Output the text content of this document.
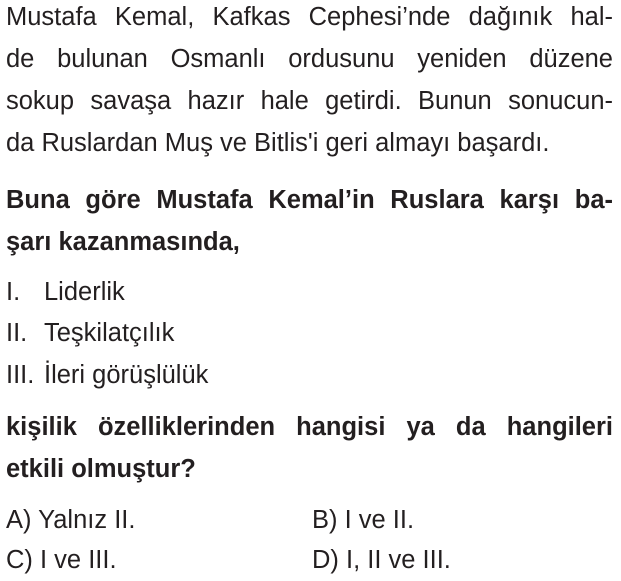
Mustafa Kemal, Kafkas Cephesi’nde dağınık hal-
de bulunan Osmanlı ordusunu yeniden düzene
sokup savaşa hazır hale getirdi. Bunun sonucun-
da Ruslardan Muş ve Bitlis'i geri almayı başardı.
Buna göre Mustafa Kemal’in Ruslara karşı ba-
şarı kazanmasında,
I. Liderlik
II. Teşkilatçılık
III. İleri görüşlülük
kişilik özelliklerinden hangisi ya da hangileri
etkili olmuştur?
A) Yalnız II.	B) I ve II.
C) I ve III.	D) I, II ve III.
